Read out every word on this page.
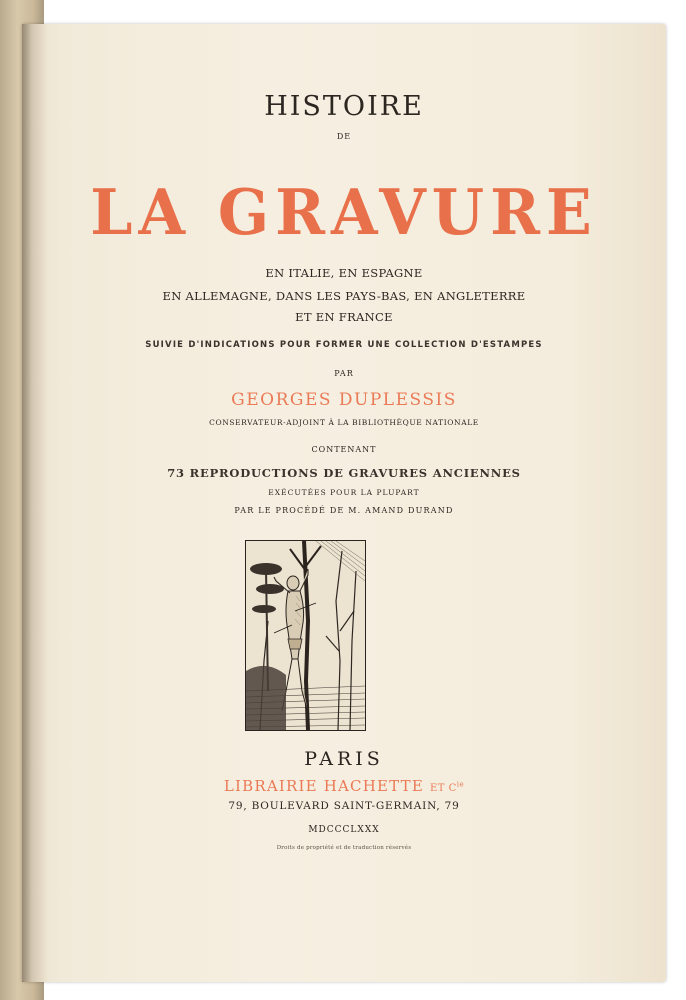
HISTOIRE
DE
LA GRAVURE
EN ITALIE, EN ESPAGNE
EN ALLEMAGNE, DANS LES PAYS-BAS, EN ANGLETERRE
ET EN FRANCE
SUIVIE D'INDICATIONS POUR FORMER UNE COLLECTION D'ESTAMPES
PAR
GEORGES DUPLESSIS
CONSERVATEUR-ADJOINT À LA BIBLIOTHÈQUE NATIONALE
CONTENANT
73 REPRODUCTIONS DE GRAVURES ANCIENNES
EXÉCUTÉES POUR LA PLUPART
PAR LE PROCÉDÉ DE M. AMAND DURAND
PARIS
LIBRAIRIE HACHETTE ET $C^{ie}$
79, BOULEVARD SAINT-GERMAIN, 79
MDCCCLXXX
Droits de propriété et de traduction réservés
